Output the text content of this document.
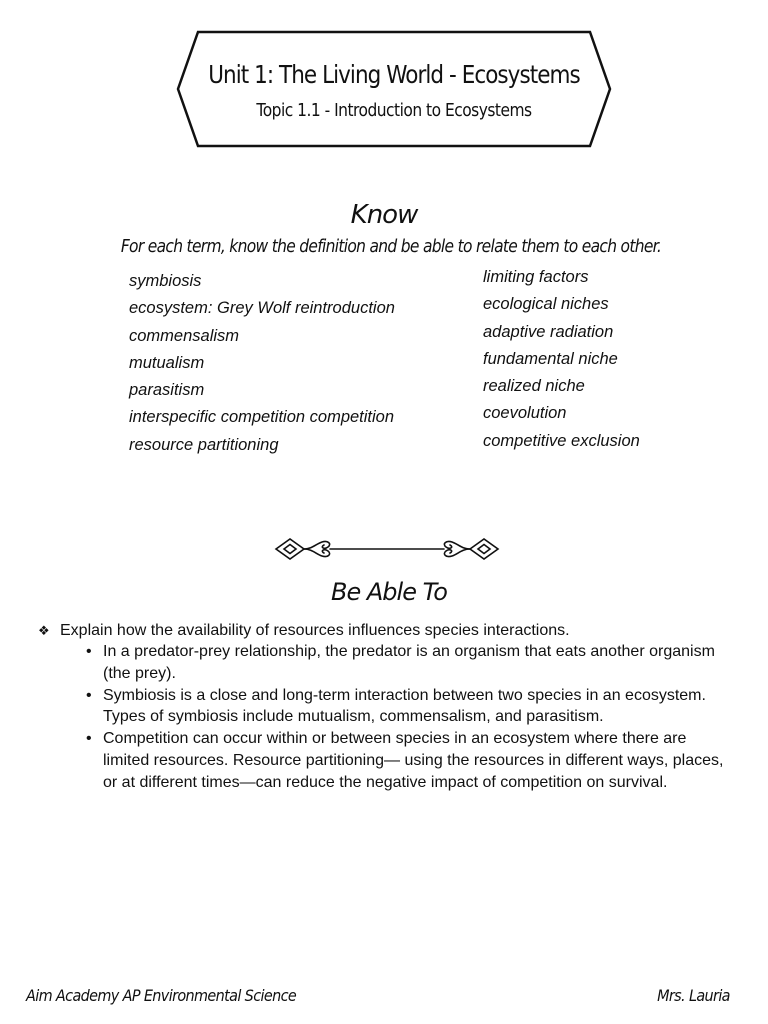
Unit 1: The Living World - Ecosystems
Topic 1.1 - Introduction to Ecosystems
Know
For each term, know the definition and be able to relate them to each other.
symbiosis
ecosystem: Grey Wolf reintroduction
commensalism
mutualism
parasitism
interspecific competition competition
resource partitioning
limiting factors
ecological niches
adaptive radiation
fundamental niche
realized niche
coevolution
competitive exclusion
Be Able To
❖ Explain how the availability of resources influences species interactions.
• In a predator-prey relationship, the predator is an organism that eats another organism (the prey).
• Symbiosis is a close and long-term interaction between two species in an ecosystem. Types of symbiosis include mutualism, commensalism, and parasitism.
• Competition can occur within or between species in an ecosystem where there are limited resources. Resource partitioning— using the resources in different ways, places, or at different times—can reduce the negative impact of competition on survival.
Aim Academy AP Environmental Science	Mrs. Lauria
